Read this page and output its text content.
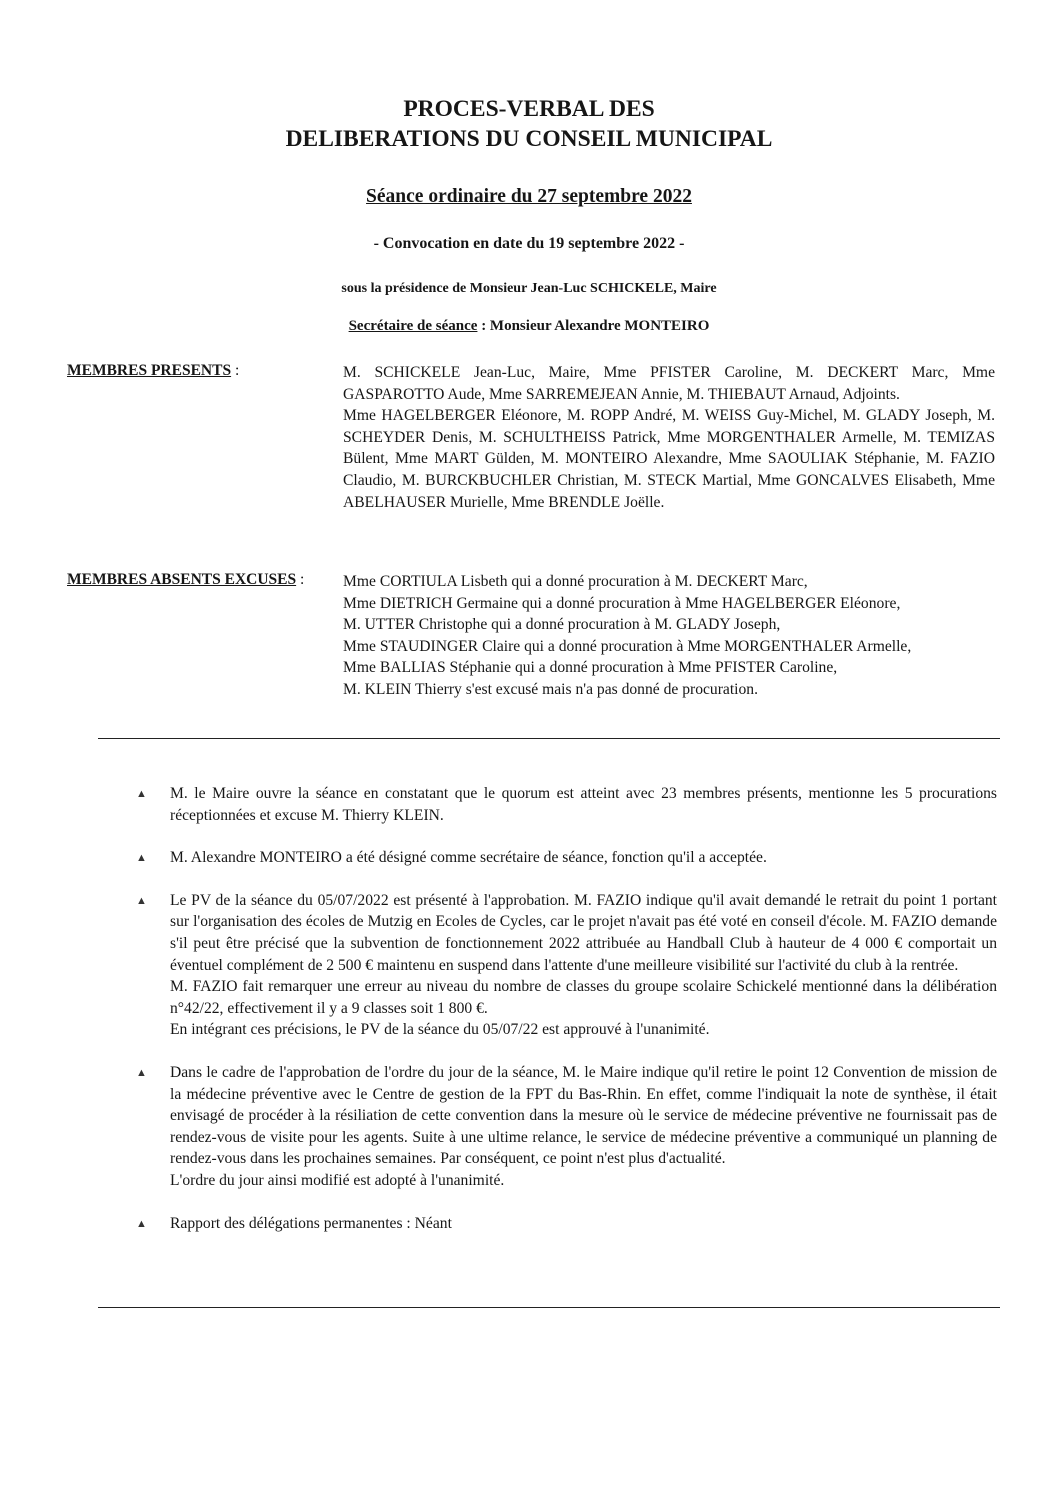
PROCES-VERBAL DES
DELIBERATIONS DU CONSEIL MUNICIPAL
Séance ordinaire du 27 septembre 2022
- Convocation en date du 19 septembre 2022 -
sous la présidence de Monsieur Jean-Luc SCHICKELE, Maire
Secrétaire de séance : Monsieur Alexandre MONTEIRO
MEMBRES PRESENTS :	M. SCHICKELE Jean-Luc, Maire, Mme PFISTER Caroline, M. DECKERT Marc, Mme GASPAROTTO Aude, Mme SARREMEJEAN Annie, M. THIEBAUT Arnaud, Adjoints.

Mme HAGELBERGER Eléonore, M. ROPP André, M. WEISS Guy-Michel, M. GLADY Joseph, M. SCHEYDER Denis, M. SCHULTHEISS Patrick, Mme MORGENTHALER Armelle, M. TEMIZAS Bülent, Mme MART Gülden, M. MONTEIRO Alexandre, Mme SAOULIAK Stéphanie, M. FAZIO Claudio, M. BURCKBUCHLER Christian, M. STECK Martial, Mme GONCALVES Elisabeth, Mme ABELHAUSER Murielle, Mme BRENDLE Joëlle.

MEMBRES ABSENTS EXCUSES : Mme CORTIULA Lisbeth qui a donné procuration à M. DECKERT Marc,
Mme DIETRICH Germaine qui a donné procuration à Mme HAGELBERGER Eléonore,
M. UTTER Christophe qui a donné procuration à M. GLADY Joseph,
Mme STAUDINGER Claire qui a donné procuration à Mme MORGENTHALER Armelle,
Mme BALLIAS Stéphanie qui a donné procuration à Mme PFISTER Caroline,
M. KLEIN Thierry s'est excusé mais n'a pas donné de procuration.
▲ M. le Maire ouvre la séance en constatant que le quorum est atteint avec 23 membres présents, mentionne les 5 procurations réceptionnées et excuse M. Thierry KLEIN.

▲ M. Alexandre MONTEIRO a été désigné comme secrétaire de séance, fonction qu'il a acceptée.

▲ Le PV de la séance du 05/07/2022 est présenté à l'approbation. M. FAZIO indique qu'il avait demandé le retrait du point 1 portant sur l'organisation des écoles de Mutzig en Ecoles de Cycles, car le projet n'avait pas été voté en conseil d'école. M. FAZIO demande s'il peut être précisé que la subvention de fonctionnement 2022 attribuée au Handball Club à hauteur de 4 000 € comportait un éventuel complément de 2 500 € maintenu en suspend dans l'attente d'une meilleure visibilité sur l'activité du club à la rentrée.

M. FAZIO fait remarquer une erreur au niveau du nombre de classes du groupe scolaire Schickelé mentionné dans la délibération n°42/22, effectivement il y a 9 classes soit 1 800 €.

En intégrant ces précisions, le PV de la séance du 05/07/22 est approuvé à l'unanimité.

▲ Dans le cadre de l'approbation de l'ordre du jour de la séance, M. le Maire indique qu'il retire le point 12 Convention de mission de la médecine préventive avec le Centre de gestion de la FPT du Bas-Rhin. En effet, comme l'indiquait la note de synthèse, il était envisagé de procéder à la résiliation de cette convention dans la mesure où le service de médecine préventive ne fournissait pas de rendez-vous de visite pour les agents. Suite à une ultime relance, le service de médecine préventive a communiqué un planning de rendez-vous dans les prochaines semaines. Par conséquent, ce point n'est plus d'actualité.

L'ordre du jour ainsi modifié est adopté à l'unanimité.

▲ Rapport des délégations permanentes : Néant
